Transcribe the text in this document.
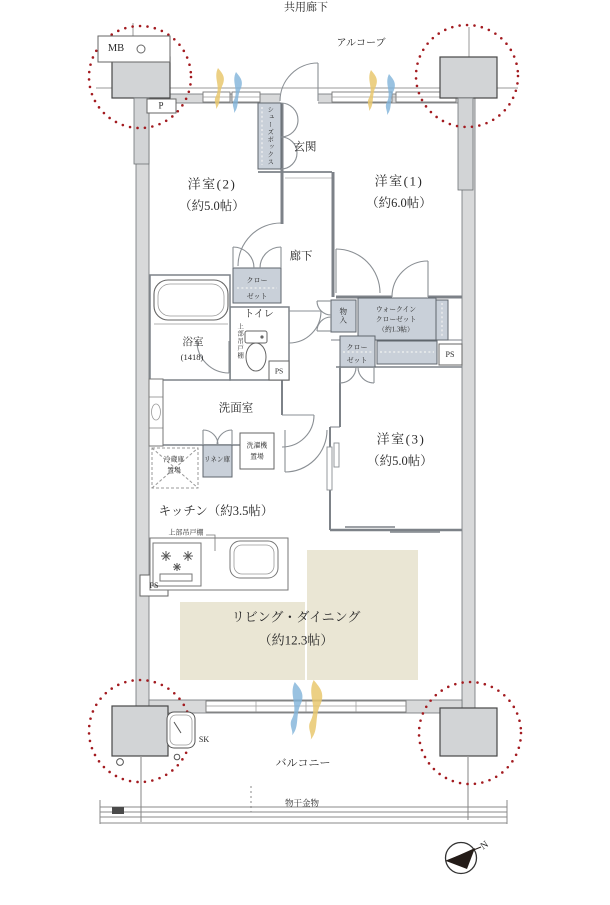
共用廊下
アルコーブ
MB
P
洋室(2)
（約5.0帖）
玄関
シューズボックス
廊下
洋室(1)
（約6.0帖）
トイレ
上部吊戸棚
浴室
(1418)
クロー
ゼット
物入	ウォークイン
クローゼット
（約1.3帖）
クロー
ゼット
PS
PS
PS
洗面室
洗濯機
置場
リネン庫
冷蔵庫
置場
キッチン（約3.5帖）
上部吊戸棚
洋室(3)
（約5.0帖）
リビング・ダイニング
（約12.3帖）
SK
バルコニー
物干金物
N
